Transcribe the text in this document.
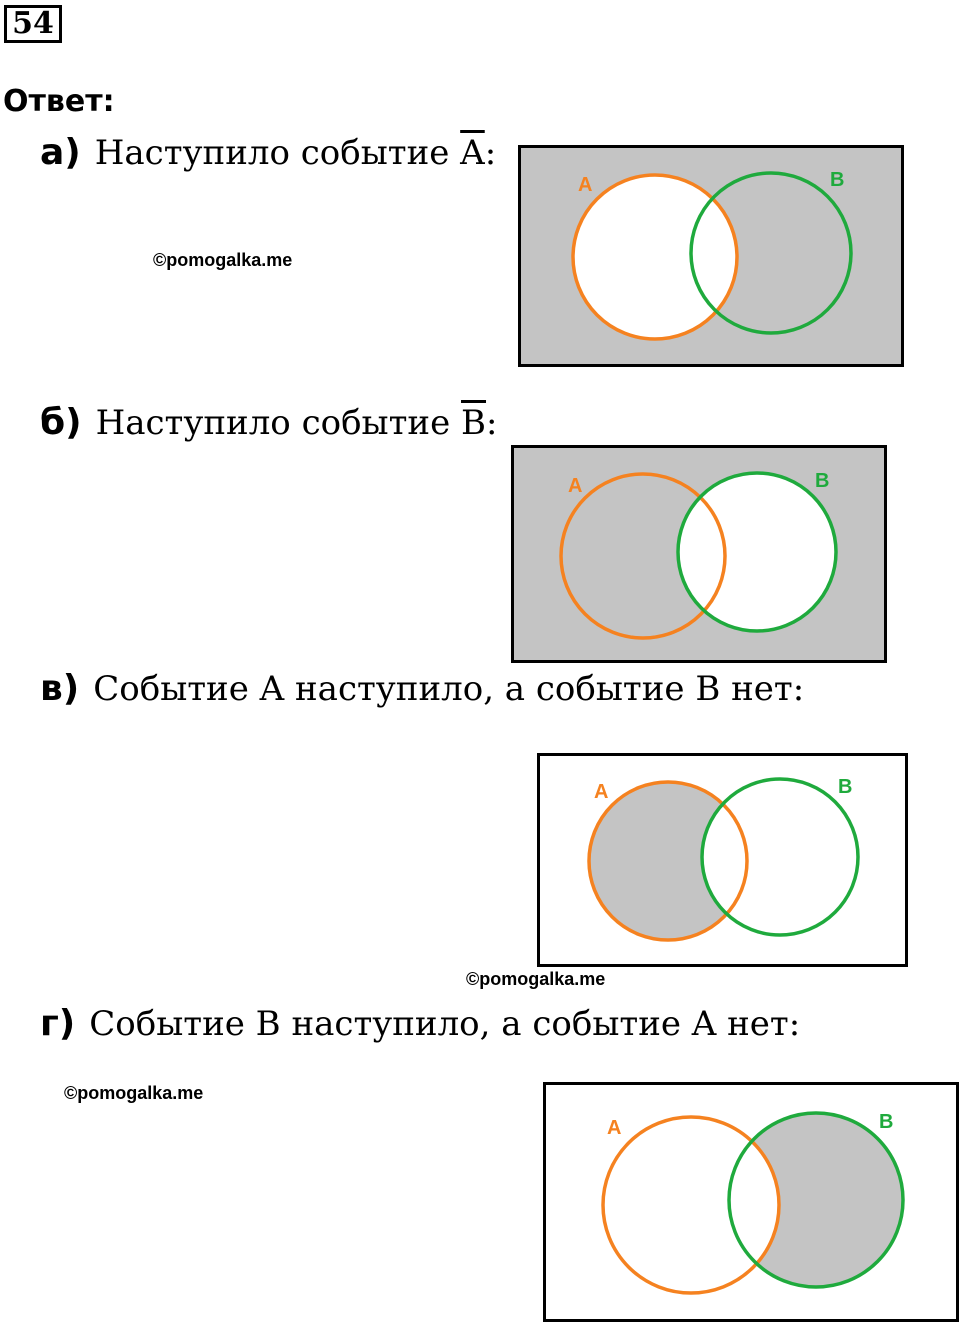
54
Ответ:
а) Наступило событие $\overline{A}$:
©pomogalka.me
A	B
б) Наступило событие $\overline{B}$:
A	B
в) Событие A наступило, а событие B нет:
A	B
©pomogalka.me
г) Событие B наступило, а событие A нет:
©pomogalka.me
A	B
